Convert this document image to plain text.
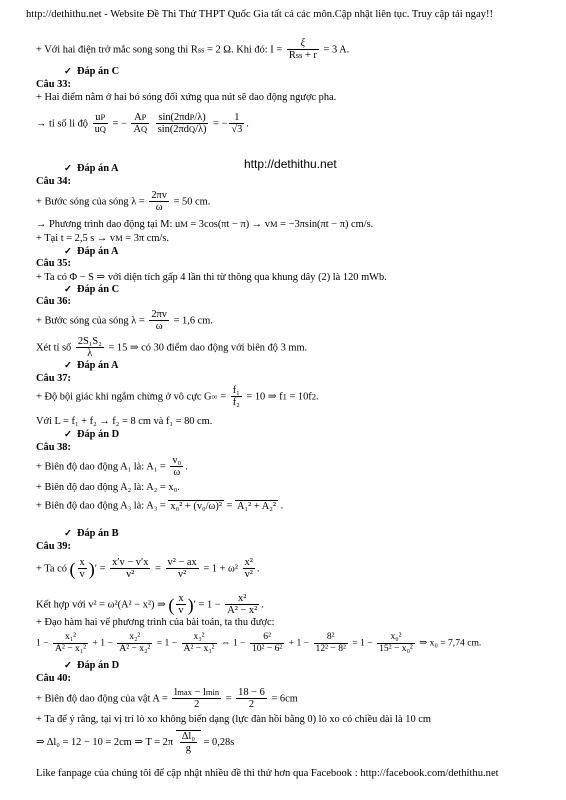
http://dethithu.net - Website Đề Thi Thử THPT Quốc Gia tất cả các môn.Cập nhật liên tục. Truy cập tải ngay!!
+ Với hai điện trở mắc song song thì Rss = 2 Ω. Khi đó: I =
ξ
Rss + r
= 3 A.
✓ Đáp án C
Câu 33:
+ Hai điểm nằm ở hai bó sóng đối xứng qua nút sẽ dao động ngược pha.
→ tỉ số li độ $\frac{uP}{uQ}$ = − $\frac{AP}{AQ}$
sin(2πdP/λ)
sin(2πdQ/λ)
= − $\frac{1}{√3}$ .
http://dethithu.net
✓ Đáp án A
Câu 34:
+ Bước sóng của sóng $\lambda = \frac{2\pi v}{\omega} = 50$ cm.
→ Phương trình dao động tại M: uM = 3cos(πt − π) → vM = −3πsin(πt − π) cm/s.
+ Tại t = 2,5 s → vM = 3π cm/s.
✓ Đáp án A
Câu 35:
+ Ta có Φ − S ⇒ với diện tích gấp 4 lần thì từ thông qua khung dây (2) là 120 mWb.
✓ Đáp án C
Câu 36:
+ Bước sóng của sóng $\lambda = \frac{2\pi v}{\omega} = 1,6$ cm.
Xét tỉ số $\frac{\text{2S₁S₂}}{\lambda} = 15$ ⇒ có 30 điểm dao động với biên độ 3 mm.
✓ Đáp án A
Câu 37:
+ Độ bội giác khi ngắm chừng ở vô cực $G\infty = \frac{\text{f₁}}{\text{f₂}} = 10$ ⇒ f1 = 10f2.
Với L = f₁ + f₂ → f₂ = 8 cm và f₁ = 80 cm.
✓ Đáp án D
Câu 38:
+ Biên độ dao động A₁ là: $A_1 = \frac{\text{v₀}}{\omega}$ .
+ Biên độ dao động A₂ là: A₂ = x₀.
+ Biên độ dao động A₃ là: A₃ = x₀² + (v₀/ω)² = A₁² + A₂² .
✓ Đáp án B
Câu 39:
+ Ta có ( $\frac{x}{v}$ )′ = $\frac{x'v - v'x}{\text{v²}} = \frac{\text{v² − ax}}{\text{v²}} = 1 + \omega^2 \frac{\text{x²}}{\text{v²}}$ .
Kết hợp với v² = ω²(A² − x²) ⇒ ( $\frac{x}{v}$ )′ = $1 - \frac{\text{x²}}{\text{A² − x²}}$ .
+ Đạo hàm hai vế phương trình của bài toán, ta thu được:
$1 - \frac{\text{x₁²}}{\text{A² − x₁²}} + 1 - \frac{\text{x₂²}}{\text{A² − x₂²}} = 1 - \frac{\text{x₃²}}{\text{A² − x₃²}}$ ⇔ $1 - \frac{\text{6²}}{\text{10² − 6²}} + 1 - \frac{\text{8²}}{\text{12² − 8²}} = 1 - \frac{\text{x₀²}}{\text{15² − x₀²}}$ ⇒ x₀ = 7,74 cm.
✓ Đáp án D
Câu 40:
+ Biên độ dao động của vật A =
lmax − lmin
2
= $\frac{18 - 6}{2} = 6cm$
+ Ta để ý rằng, tại vị trí lò xo không biến dạng (lực đàn hồi bằng 0) lò xo có chiều dài là 10 cm
⇒ Δl₀ = 12 − 10 = 2cm ⇒ $T = 2\pi \frac{\text{Δl₀}}{g} = 0,28s$
Like fanpage của chúng tôi để cập nhật nhiều đề thi thử hơn qua Facebook : http://facebook.com/dethithu.net
